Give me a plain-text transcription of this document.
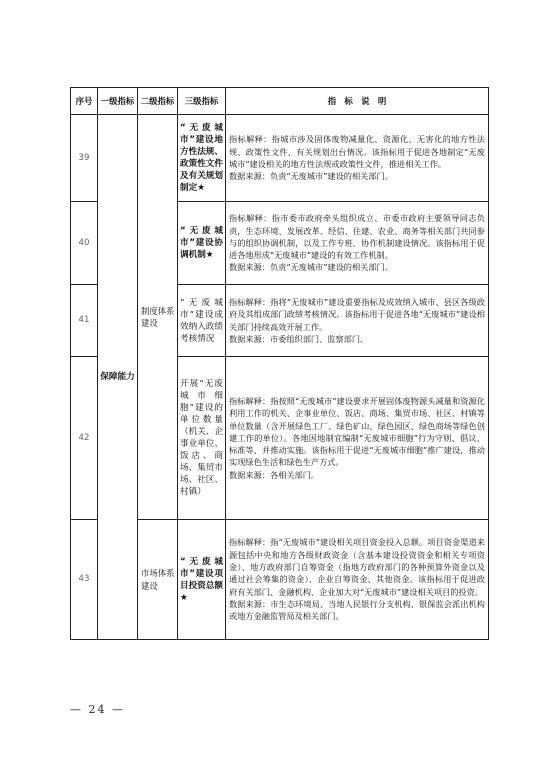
序号	一级指标	二级指标	三级指标	指　标　说　明
39	保障能力	制度体系建设	“无废城市”建设地方性法规、政策性文件及有关规划制定★	指标解释：指城市涉及固体废物减量化、资源化、无害化的地方性法规、政策性文件、有关规划出台情况。该指标用于促进各地制定“无废城市”建设相关的地方性法规或政策性文件，推进相关工作。
数据来源：负责“无废城市”建设的相关部门。

40			“无废城市”建设协调机制★	指标解释：指市委市政府牵头组织成立、市委市政府主要领导同志负责，生态环境、发展改革、经信、住建、农业、商务等相关部门共同参与的组织协调机制，以及工作专班、协作机制建设情况。该指标用于促进各地形成“无废城市”建设的有效工作机制。
数据来源：负责“无废城市”建设的相关部门。

41			“无废城市”建设成效纳入政绩考核情况	指标解释：指将“无废城市”建设重要指标及成效纳入城市、县区各级政府及其组成部门政绩考核情况。该指标用于促进各地“无废城市”建设相关部门持续高效开展工作。
数据来源：市委组织部门、监察部门。

42			开展“无废城市细胞”建设的单位数量（机关、企事业单位、饭店、商场、集贸市场、社区、村镇）	指标解释：指按照“无废城市”建设要求开展固体废物源头减量和资源化利用工作的机关、企事业单位、饭店、商场、集贸市场、社区、村镇等单位数量（含开展绿色工厂、绿色矿山、绿色园区、绿色商场等绿色创建工作的单位）。各地因地制宜编制“无废城市细胞”行为守则、倡议、标准等，并推动实施。该指标用于促进“无废城市细胞”推广建设，推动实现绿色生活和绿色生产方式。
数据来源：各相关部门。

43		市场体系建设	“无废城市”建设项目投资总额★	指标解释：指“无废城市”建设相关项目资金投入总额。项目资金渠道来源包括中央和地方各级财政资金（含基本建设投资资金和相关专项资金）、地方政府部门自筹资金（指地方政府部门的各种预算外资金以及通过社会筹集的资金）、企业自筹资金、其他资金。该指标用于促进政府有关部门、金融机构、企业加大对“无废城市”建设相关项目的投资。
数据来源：市生态环境局、当地人民银行分支机构、银保监会派出机构或地方金融监管局及相关部门。
— 24 —
